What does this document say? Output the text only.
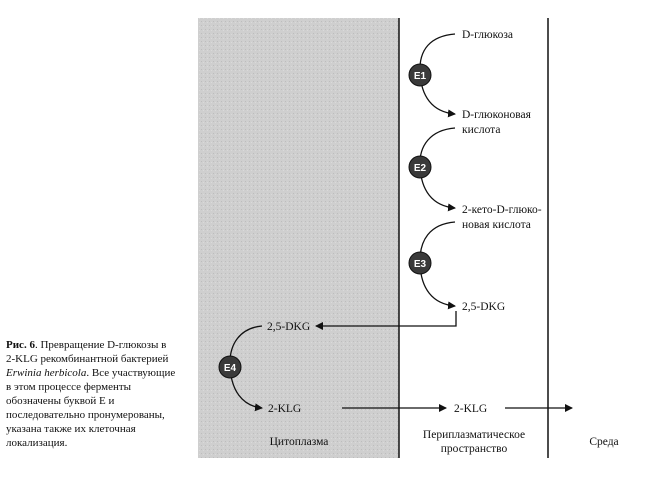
E1
E2
E3
E4
D-глюкоза
D-глюконовая
кислота
2-кето-D-глюко-
новая кислота
2,5-DKG
2,5-DKG
2-KLG	2-KLG
Цитоплазма
Периплазматическое
пространство
Среда
Рис. 6. Превращение D-глюкозы в 2-KLG рекомбинантной бактерией Erwinia herbicola. Все участвующие в этом процессе ферменты обозначены буквой Е и последовательно пронумерованы, указана также их клеточная локализация.
